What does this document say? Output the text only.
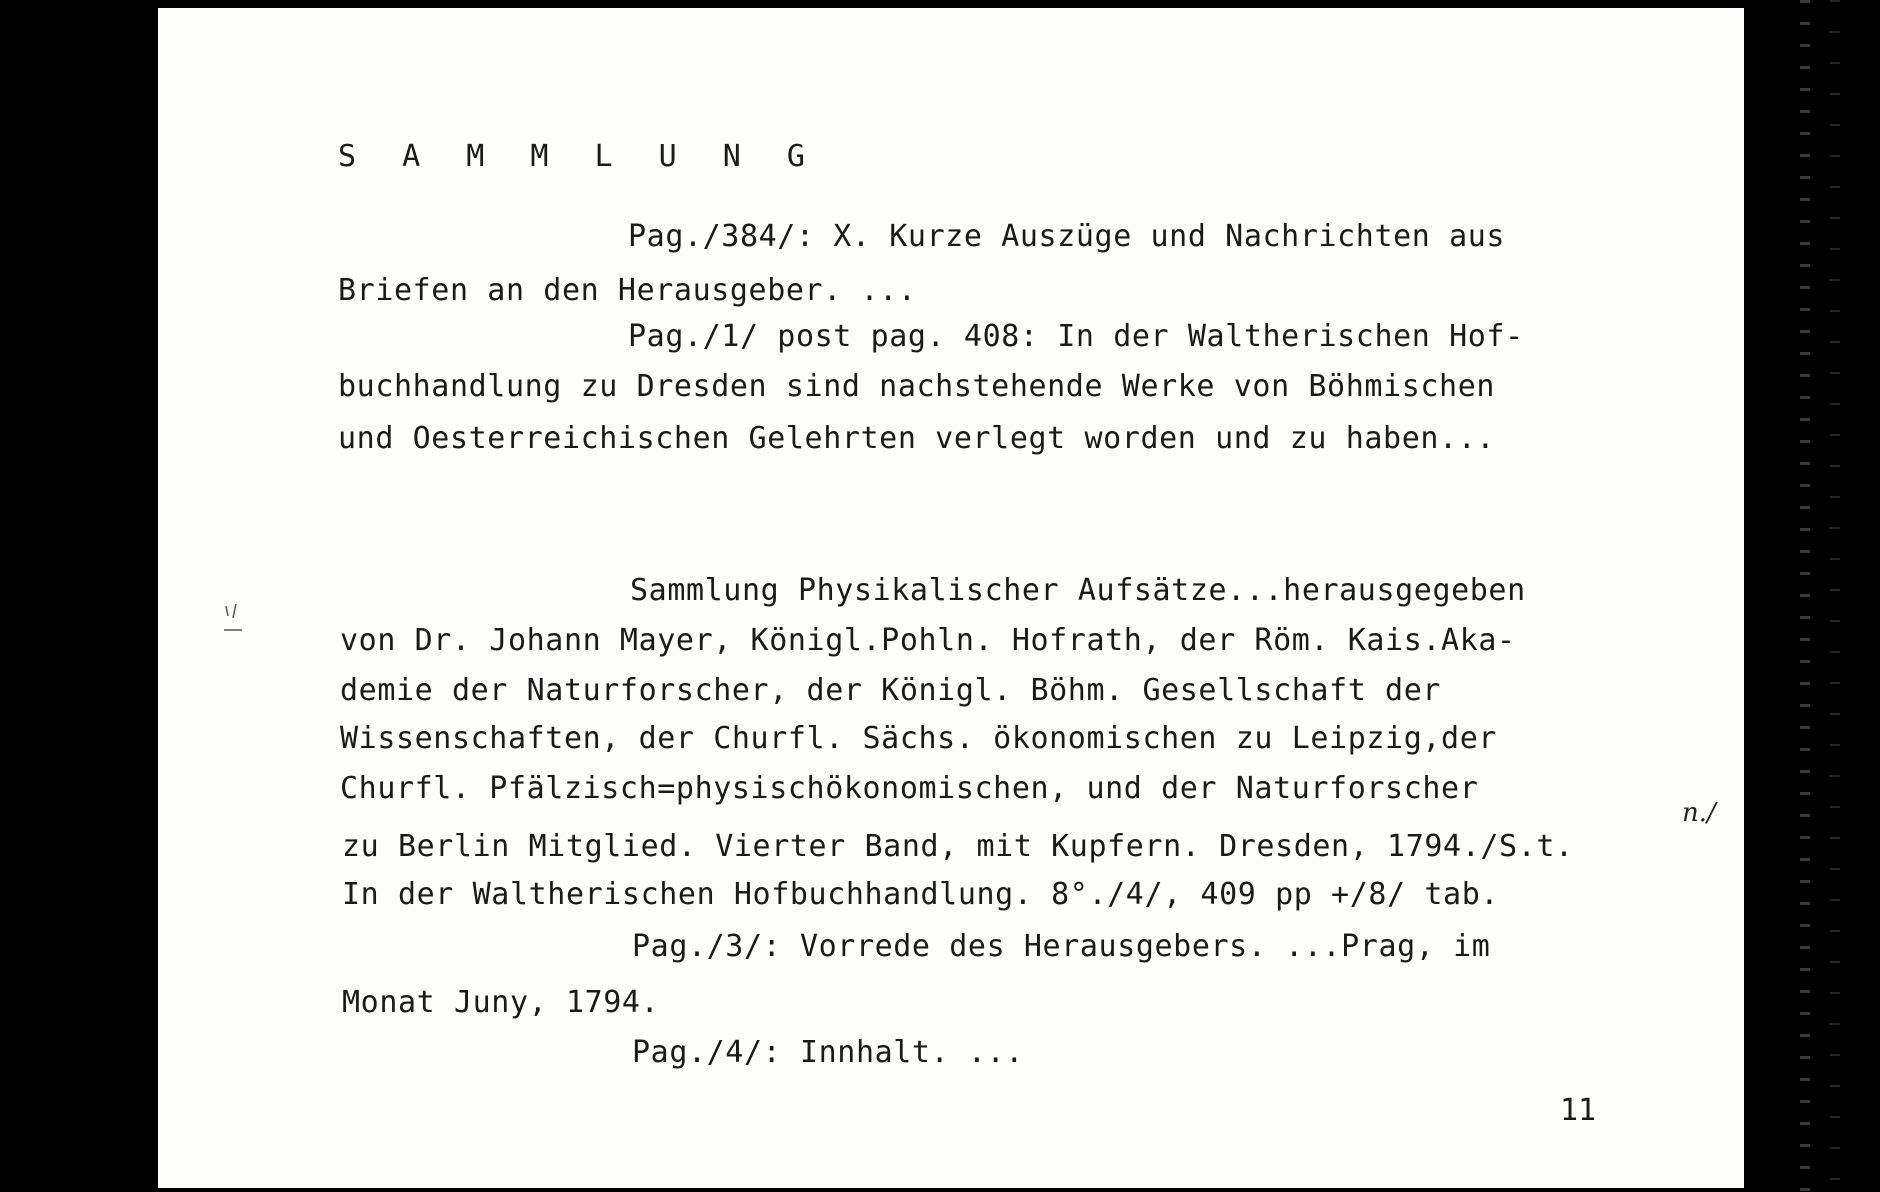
S A M M L U N G
Pag./384/: X. Kurze Auszüge und Nachrichten aus
Briefen an den Herausgeber. ...
Pag./1/ post pag. 408: In der Waltherischen Hof-
buchhandlung zu Dresden sind nachstehende Werke von Böhmischen
und Oesterreichischen Gelehrten verlegt worden und zu haben...
Sammlung Physikalischer Aufsätze...herausgegeben
von Dr. Johann Mayer, Königl.Pohln. Hofrath, der Röm. Kais.Aka-
demie der Naturforscher, der Königl. Böhm. Gesellschaft der
Wissenschaften, der Churfl. Sächs. ökonomischen zu Leipzig,der
Churfl. Pfälzisch=physischökonomischen, und der Naturforscher
zu Berlin Mitglied. Vierter Band, mit Kupfern. Dresden, 1794./S.t.
In der Waltherischen Hofbuchhandlung. 8°./4/, 409 pp +/8/ tab.
Pag./3/: Vorrede des Herausgebers. ...Prag, im
Monat Juny, 1794.
Pag./4/: Innhalt. ...
n./
11
